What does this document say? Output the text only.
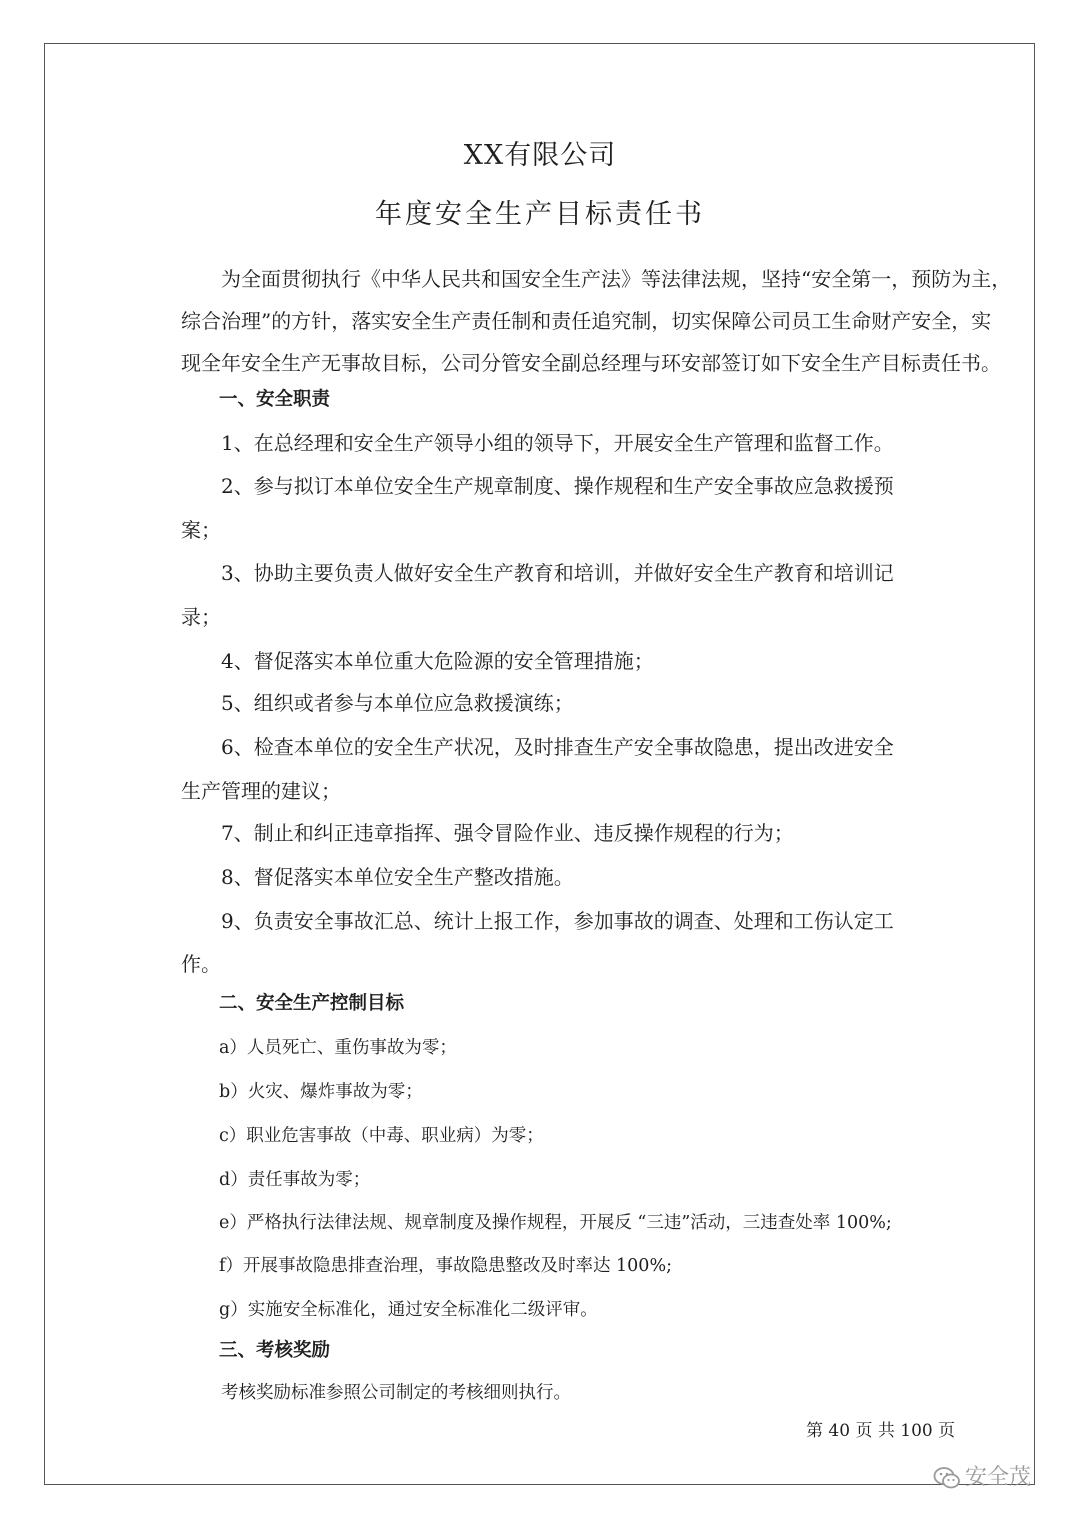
XX有限公司
年度安全生产目标责任书
为全面贯彻执行《中华人民共和国安全生产法》等法律法规，坚持“安全第一，预防为主，
综合治理”的方针，落实安全生产责任制和责任追究制，切实保障公司员工生命财产安全，实
现全年安全生产无事故目标，公司分管安全副总经理与环安部签订如下安全生产目标责任书。
一、安全职责
1、在总经理和安全生产领导小组的领导下，开展安全生产管理和监督工作。
2、参与拟订本单位安全生产规章制度、操作规程和生产安全事故应急救援预
案；
3、协助主要负责人做好安全生产教育和培训，并做好安全生产教育和培训记
录；
4、督促落实本单位重大危险源的安全管理措施；
5、组织或者参与本单位应急救援演练；
6、检查本单位的安全生产状况，及时排查生产安全事故隐患，提出改进安全
生产管理的建议；
7、制止和纠正违章指挥、强令冒险作业、违反操作规程的行为；
8、督促落实本单位安全生产整改措施。
9、负责安全事故汇总、统计上报工作，参加事故的调查、处理和工伤认定工
作。
二、安全生产控制目标
a）人员死亡、重伤事故为零；
b）火灾、爆炸事故为零；
c）职业危害事故（中毒、职业病）为零；
d）责任事故为零；
e）严格执行法律法规、规章制度及操作规程，开展反 “三违”活动，三违查处率 100%;
f）开展事故隐患排查治理，事故隐患整改及时率达 100%;
g）实施安全标准化，通过安全标准化二级评审。
三、考核奖励
考核奖励标准参照公司制定的考核细则执行。
第 40 页 共 100 页
安全茂
